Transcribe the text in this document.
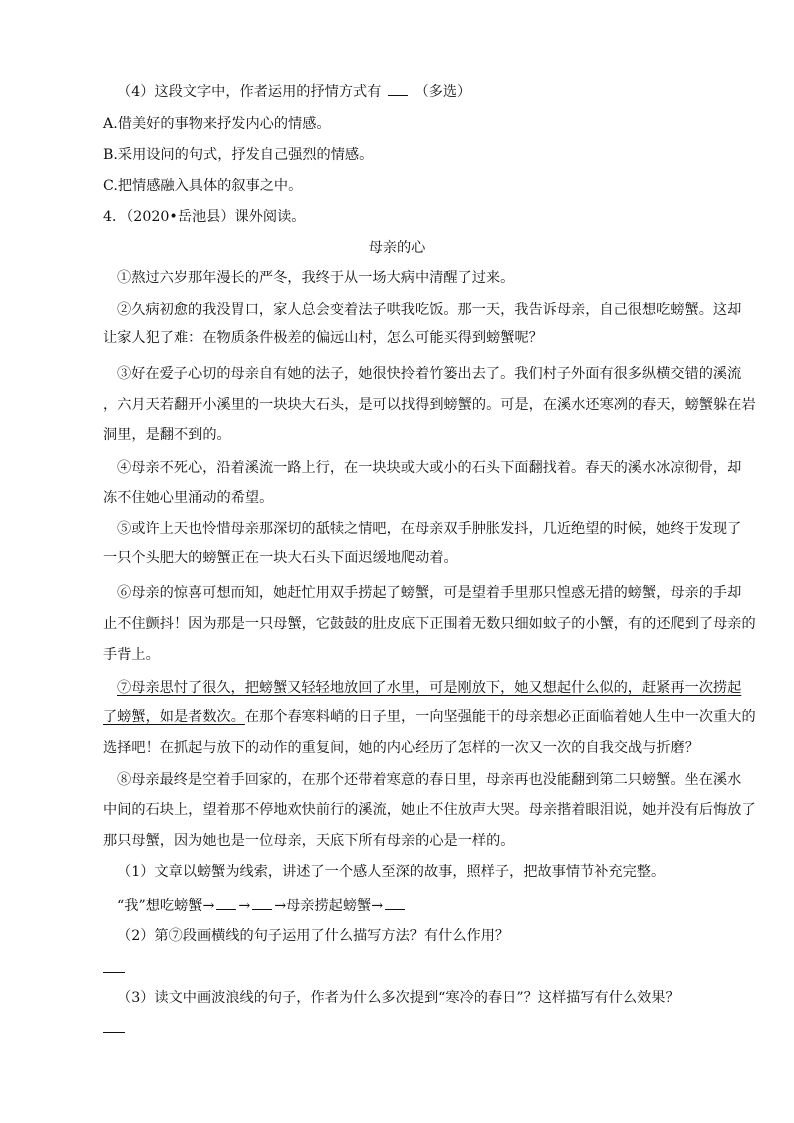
（4）这段文字中，作者运用的抒情方式有 （多选）
A.借美好的事物来抒发内心的情感。
B.采用设问的句式，抒发自己强烈的情感。
C.把情感融入具体的叙事之中。
4．（2020•岳池县）课外阅读。
母亲的心
①熬过六岁那年漫长的严冬，我终于从一场大病中清醒了过来。
②久病初愈的我没胃口，家人总会变着法子哄我吃饭。那一天，我告诉母亲，自己很想吃螃蟹。这却
让家人犯了难：在物质条件极差的偏远山村，怎么可能买得到螃蟹呢？
③好在爱子心切的母亲自有她的法子，她很快拎着竹篓出去了。我们村子外面有很多纵横交错的溪流
，六月天若翻开小溪里的一块块大石头，是可以找得到螃蟹的。可是，在溪水还寒冽的春天，螃蟹躲在岩
洞里，是翻不到的。
④母亲不死心，沿着溪流一路上行，在一块块或大或小的石头下面翻找着。春天的溪水冰凉彻骨，却
冻不住她心里涌动的希望。
⑤或许上天也怜惜母亲那深切的舐犊之情吧，在母亲双手肿胀发抖，几近绝望的时候，她终于发现了
一只个头肥大的螃蟹正在一块大石头下面迟缓地爬动着。
⑥母亲的惊喜可想而知，她赶忙用双手捞起了螃蟹，可是望着手里那只惶惑无措的螃蟹，母亲的手却
止不住颤抖！因为那是一只母蟹，它鼓鼓的肚皮底下正围着无数只细如蚊子的小蟹，有的还爬到了母亲的
手背上。
⑦母亲思忖了很久，把螃蟹又轻轻地放回了水里，可是刚放下，她又想起什么似的，赶紧再一次捞起
了螃蟹，如是者数次。在那个春寒料峭的日子里，一向坚强能干的母亲想必正面临着她人生中一次重大的
选择吧！在抓起与放下的动作的重复间，她的内心经历了怎样的一次又一次的自我交战与折磨？
⑧母亲最终是空着手回家的，在那个还带着寒意的春日里，母亲再也没能翻到第二只螃蟹。坐在溪水
中间的石块上，望着那不停地欢快前行的溪流，她止不住放声大哭。母亲揩着眼泪说，她并没有后悔放了
那只母蟹，因为她也是一位母亲，天底下所有母亲的心是一样的。
（1）文章以螃蟹为线索，讲述了一个感人至深的故事，照样子，把故事情节补充完整。
“我”想吃螃蟹→ → →母亲捞起螃蟹→
（2）第⑦段画横线的句子运用了什么描写方法？有什么作用？
（3）读文中画波浪线的句子，作者为什么多次提到“寒冷的春日”？这样描写有什么效果？
